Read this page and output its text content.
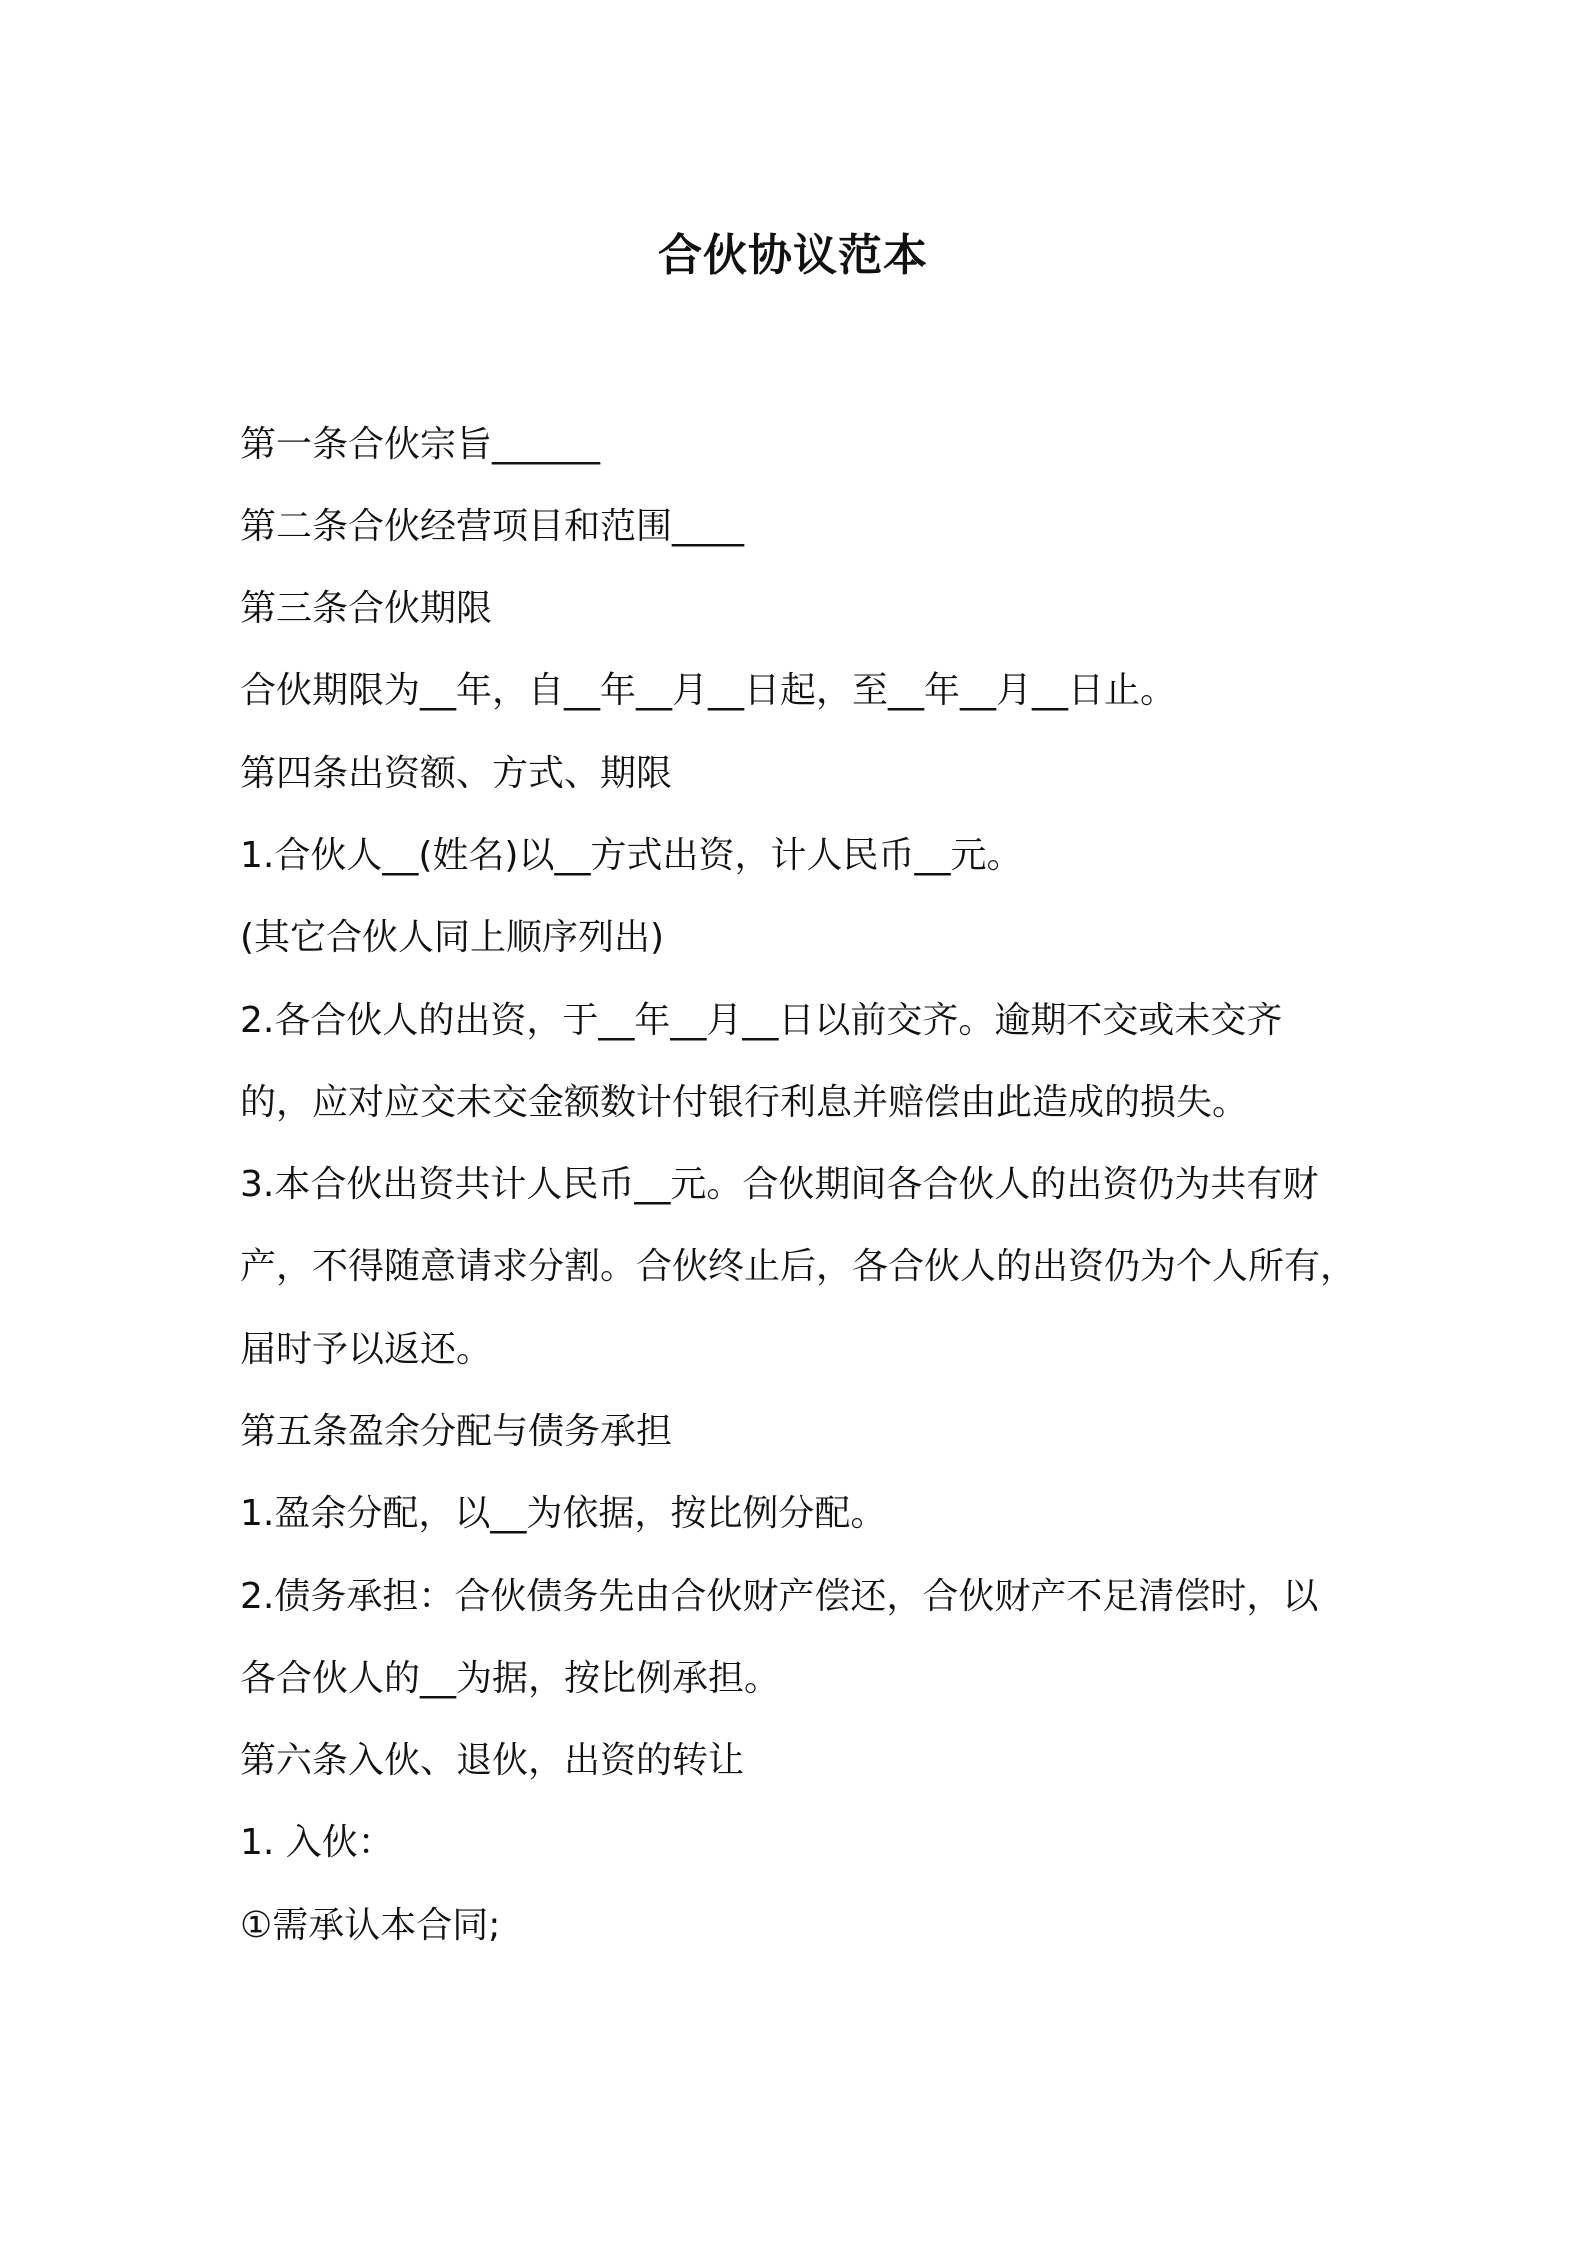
合伙协议范本
第一条合伙宗旨______
第二条合伙经营项目和范围____
第三条合伙期限
合伙期限为__年，自__年__月__日起，至__年__月__日止。
第四条出资额、方式、期限
1.合伙人__(姓名)以__方式出资，计人民币__元。
(其它合伙人同上顺序列出)
2.各合伙人的出资，于__年__月__日以前交齐。逾期不交或未交齐
的，应对应交未交金额数计付银行利息并赔偿由此造成的损失。
3.本合伙出资共计人民币__元。合伙期间各合伙人的出资仍为共有财
产，不得随意请求分割。合伙终止后，各合伙人的出资仍为个人所有，
届时予以返还。
第五条盈余分配与债务承担
1.盈余分配，以__为依据，按比例分配。
2.债务承担：合伙债务先由合伙财产偿还，合伙财产不足清偿时，以
各合伙人的__为据，按比例承担。
第六条入伙、退伙，出资的转让
1. 入伙：
①需承认本合同;
